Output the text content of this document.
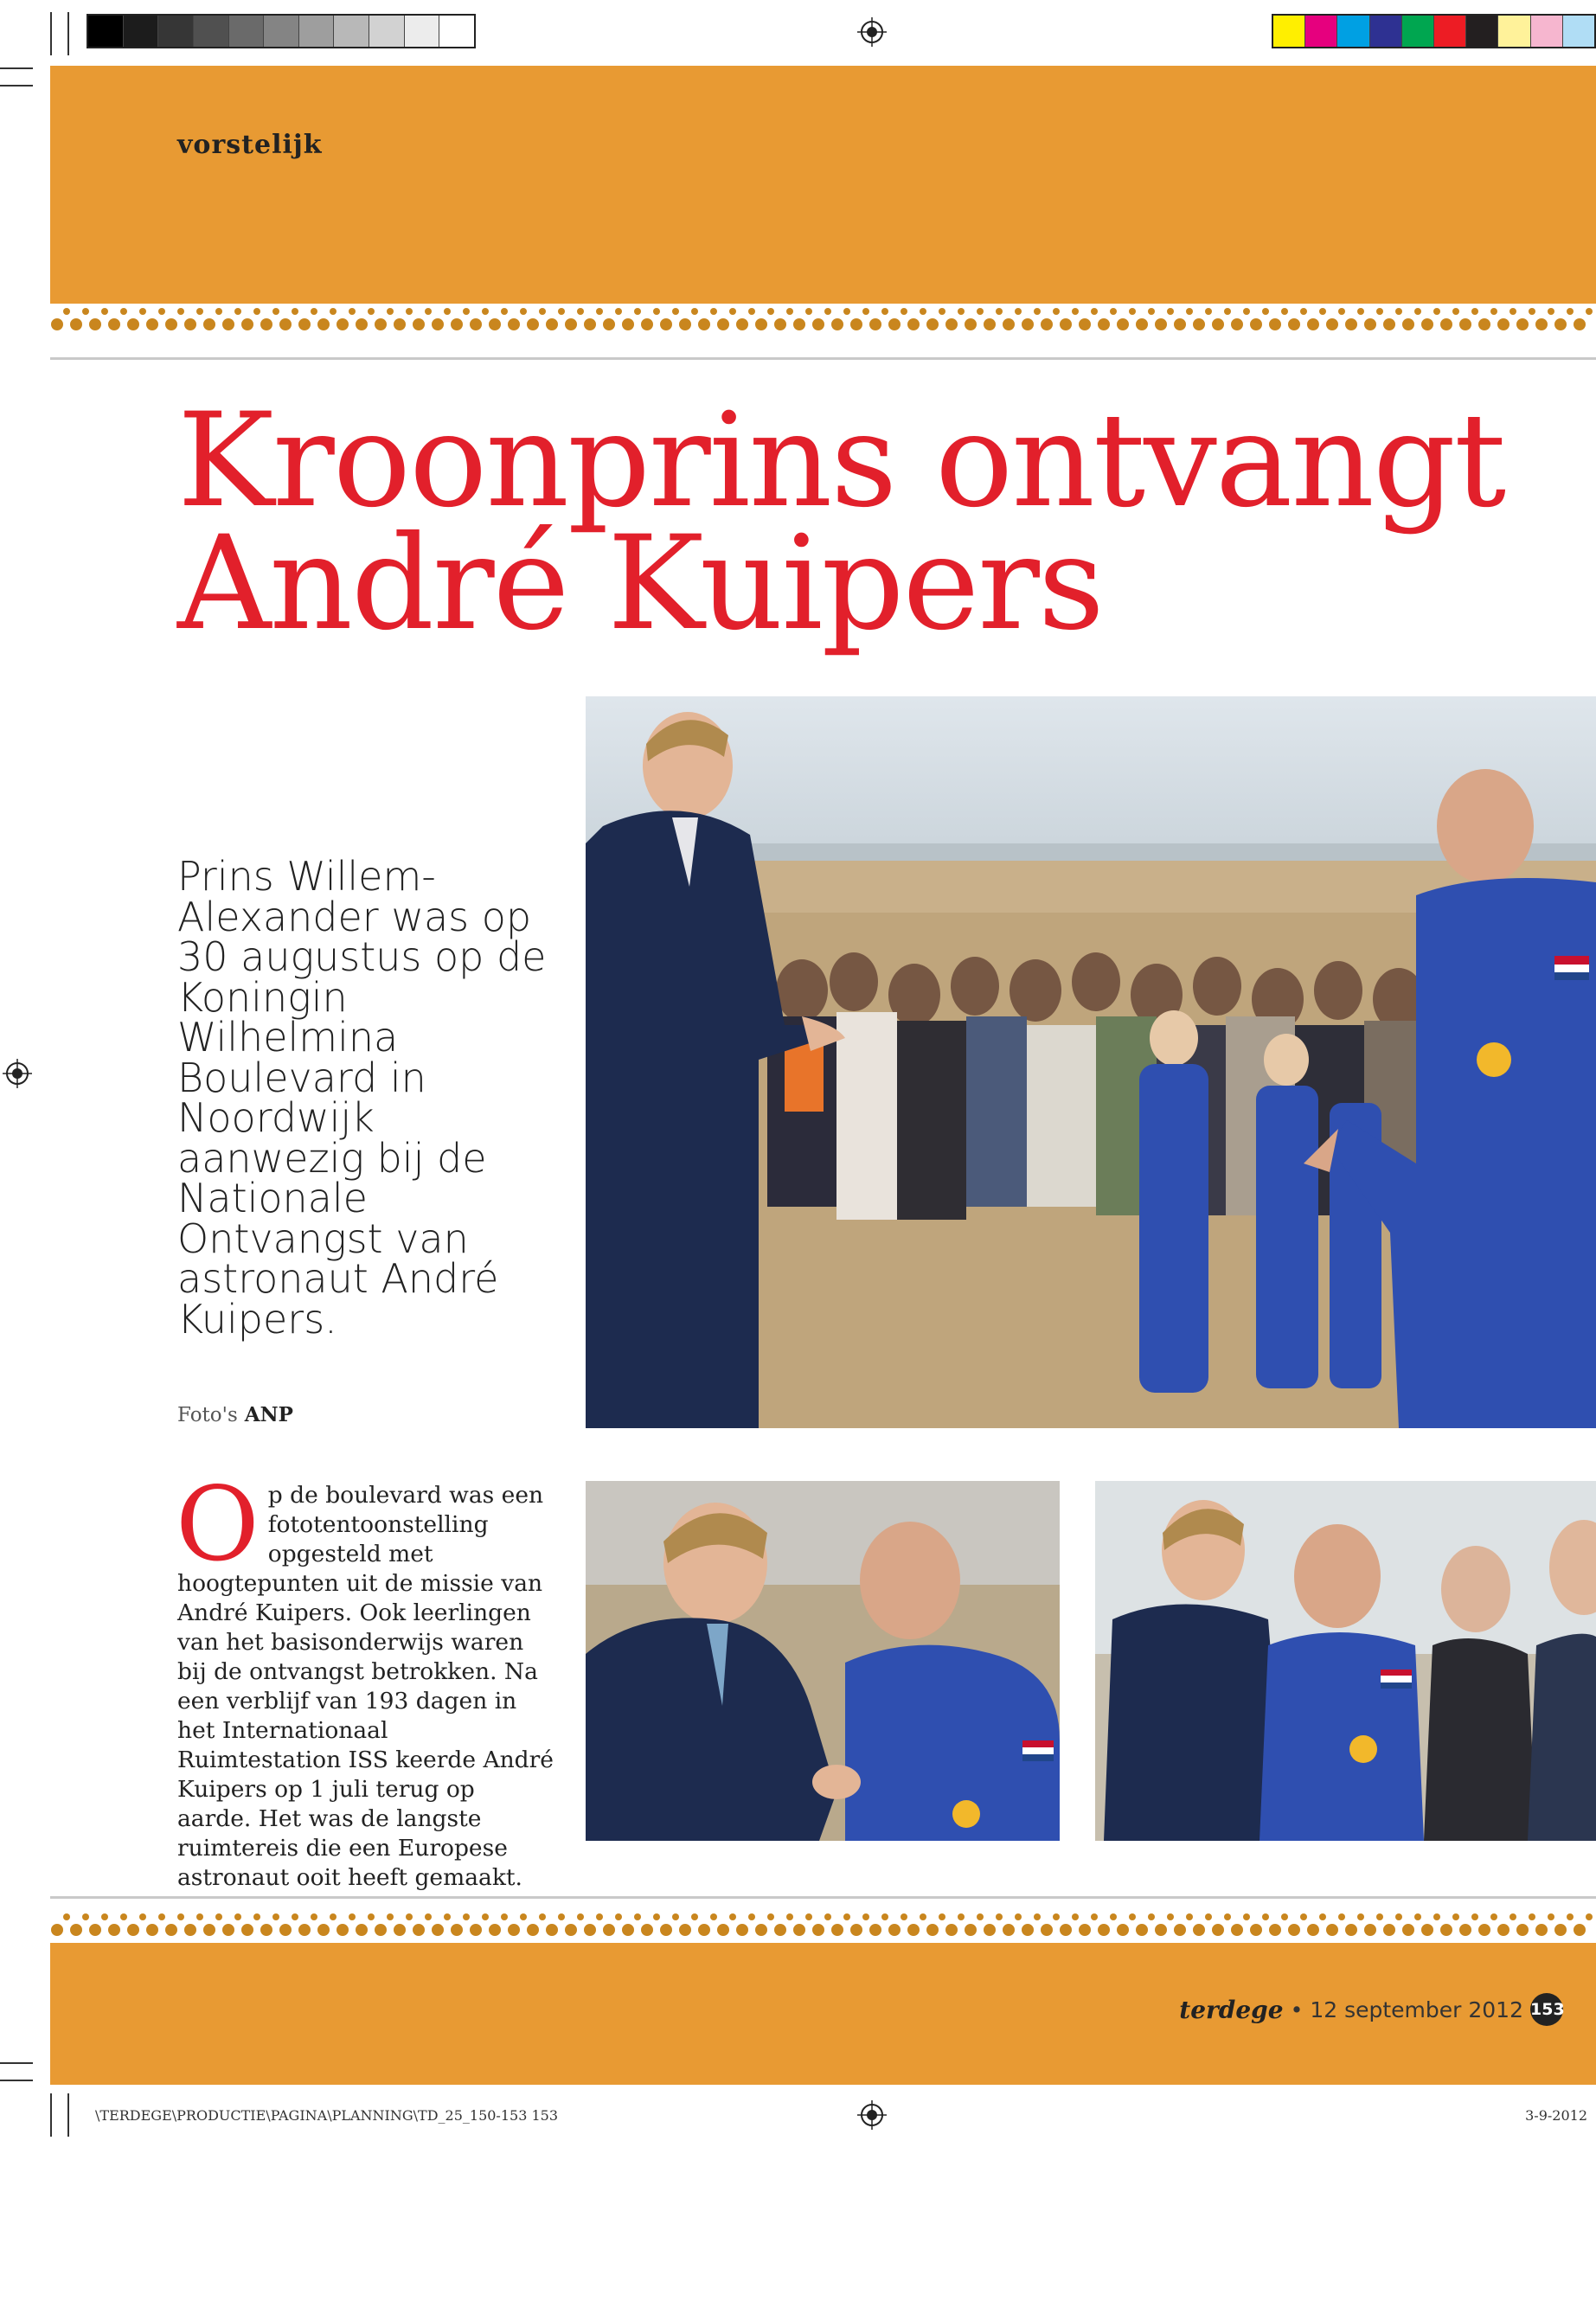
vorstelijk
Kroonprins ontvangt
André Kuipers
Prins Willem-Alexander was op 30 augustus op de Koningin Wilhelmina Boulevard in Noordwijk aanwezig bij de Nationale Ontvangst van astronaut André Kuipers.
Foto's ANP
Op de boulevard was een fototentoonstelling opgesteld met hoogtepunten uit de missie van André Kuipers. Ook leerlingen van het basisonderwijs waren bij de ontvangst betrokken. Na een verblijf van 193 dagen in het Internationaal Ruimtestation ISS keerde André Kuipers op 1 juli terug op aarde. Het was de langste ruimtereis die een Europese astronaut ooit heeft gemaakt.
terdege • 12 september 2012 153
\TERDEGE\PRODUCTIE\PAGINA\PLANNING\TD_25_150-153 153	3-9-2012
